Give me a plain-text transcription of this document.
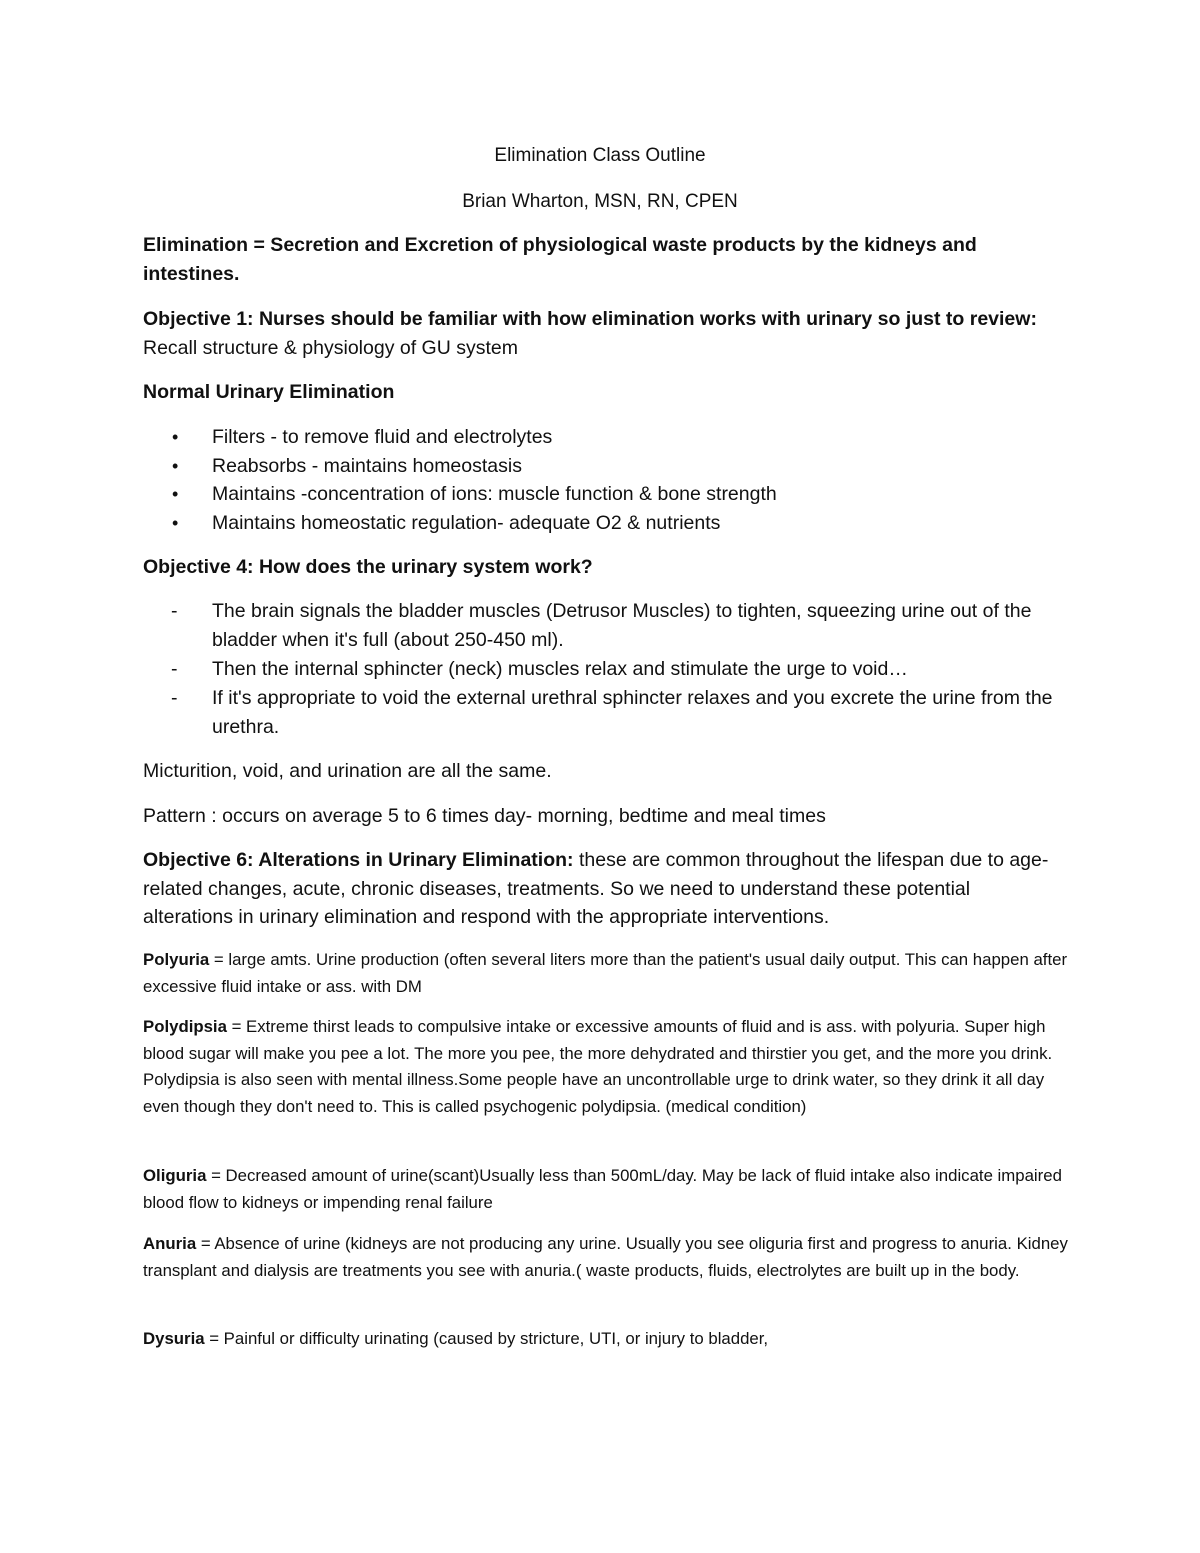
Elimination Class Outline
Brian Wharton, MSN, RN, CPEN
Elimination = Secretion and Excretion of physiological waste products by the kidneys and intestines.
Objective 1: Nurses should be familiar with how elimination works with urinary so just to review: Recall structure & physiology of GU system
Normal Urinary Elimination
• Filters - to remove fluid and electrolytes
• Reabsorbs - maintains homeostasis
• Maintains -concentration of ions: muscle function & bone strength
• Maintains homeostatic regulation- adequate O2 & nutrients
Objective 4: How does the urinary system work?
- The brain signals the bladder muscles (Detrusor Muscles) to tighten, squeezing urine out of the bladder when it's full (about 250-450 ml).
- Then the internal sphincter (neck) muscles relax and stimulate the urge to void…
- If it's appropriate to void the external urethral sphincter relaxes and you excrete the urine from the urethra.
Micturition, void, and urination are all the same.
Pattern : occurs on average 5 to 6 times day- morning, bedtime and meal times
Objective 6: Alterations in Urinary Elimination: these are common throughout the lifespan due to age-related changes, acute, chronic diseases, treatments. So we need to understand these potential alterations in urinary elimination and respond with the appropriate interventions.
Polyuria = large amts. Urine production (often several liters more than the patient's usual daily output. This can happen after excessive fluid intake or ass. with DM
Polydipsia = Extreme thirst leads to compulsive intake or excessive amounts of fluid and is ass. with polyuria. Super high blood sugar will make you pee a lot. The more you pee, the more dehydrated and thirstier you get, and the more you drink. Polydipsia is also seen with mental illness.Some people have an uncontrollable urge to drink water, so they drink it all day even though they don't need to. This is called psychogenic polydipsia. (medical condition)
Oliguria = Decreased amount of urine(scant)Usually less than 500mL/day. May be lack of fluid intake also indicate impaired blood flow to kidneys or impending renal failure
Anuria = Absence of urine (kidneys are not producing any urine. Usually you see oliguria first and progress to anuria. Kidney transplant and dialysis are treatments you see with anuria.( waste products, fluids, electrolytes are built up in the body.
Dysuria = Painful or difficulty urinating (caused by stricture, UTI, or injury to bladder,
